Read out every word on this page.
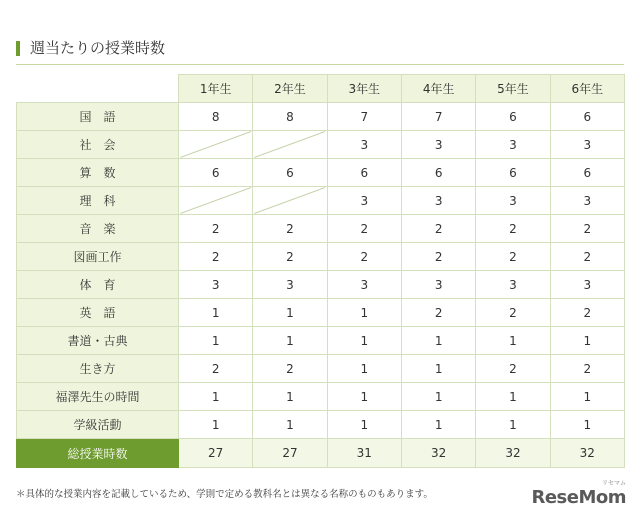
週当たりの授業時数
	1年生	2年生	3年生	4年生	5年生	6年生
国　語	8	8	7	7	6	6
社　会			3	3	3	3
算　数	6	6	6	6	6	6
理　科			3	3	3	3
音　楽	2	2	2	2	2	2
図画工作	2	2	2	2	2	2
体　育	3	3	3	3	3	3
英　語	1	1	1	2	2	2
書道・古典	1	1	1	1	1	1
生き方	2	2	1	1	2	2
福澤先生の時間	1	1	1	1	1	1
学級活動	1	1	1	1	1	1
総授業時数	27	27	31	32	32	32
＊具体的な授業内容を記載しているため、学則で定める教科名とは異なる名称のものもあります。
リセマム
ReseMom
